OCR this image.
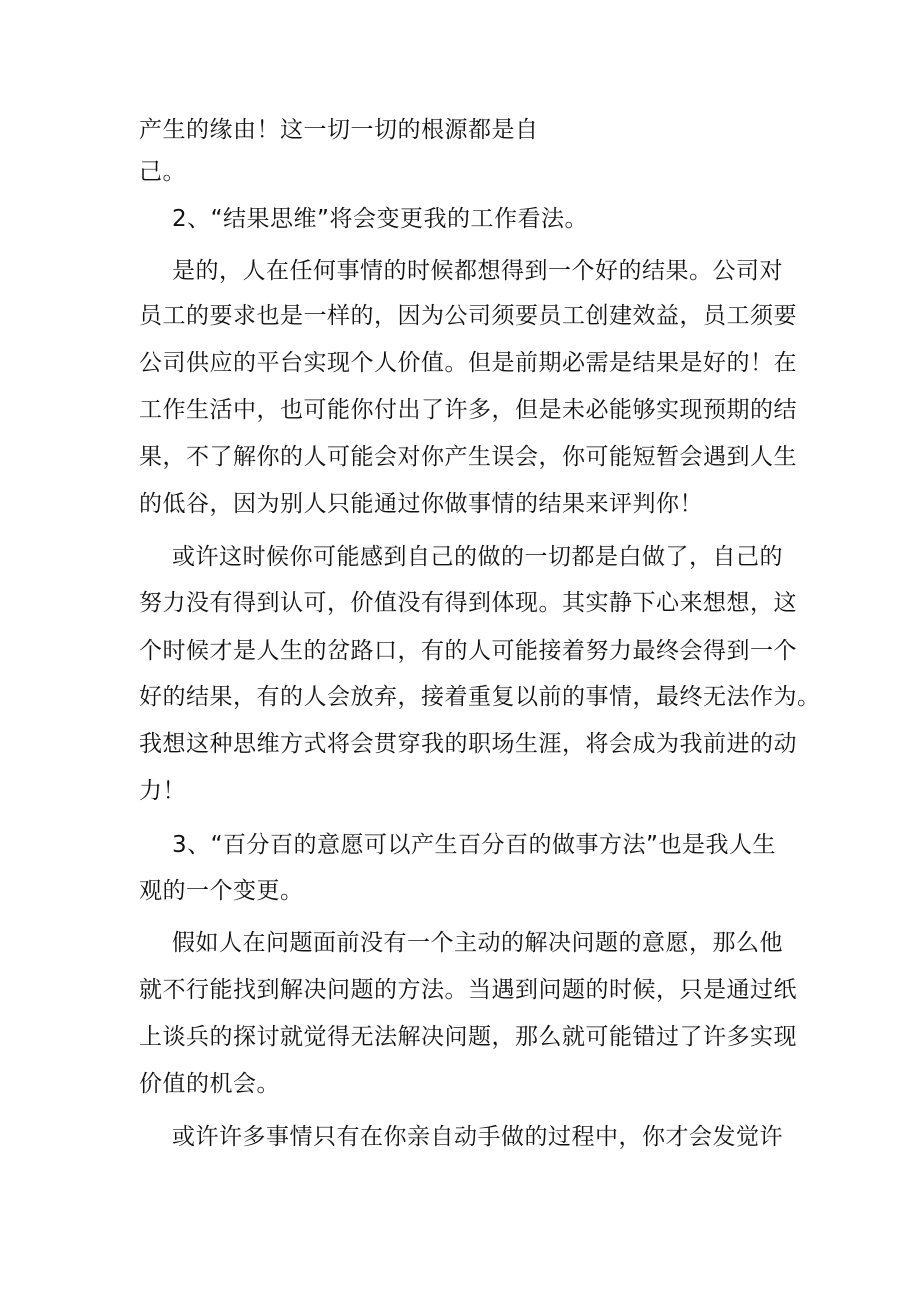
产生的缘由！这一切一切的根源都是自
己。
2、“结果思维”将会变更我的工作看法。
是的，人在任何事情的时候都想得到一个好的结果。公司对
员工的要求也是一样的，因为公司须要员工创建效益，员工须要
公司供应的平台实现个人价值。但是前期必需是结果是好的！在
工作生活中，也可能你付出了许多，但是未必能够实现预期的结
果，不了解你的人可能会对你产生误会，你可能短暂会遇到人生
的低谷，因为别人只能通过你做事情的结果来评判你！
或许这时候你可能感到自己的做的一切都是白做了，自己的
努力没有得到认可，价值没有得到体现。其实静下心来想想，这
个时候才是人生的岔路口，有的人可能接着努力最终会得到一个
好的结果，有的人会放弃，接着重复以前的事情，最终无法作为。
我想这种思维方式将会贯穿我的职场生涯，将会成为我前进的动
力！
3、“百分百的意愿可以产生百分百的做事方法”也是我人生
观的一个变更。
假如人在问题面前没有一个主动的解决问题的意愿，那么他
就不行能找到解决问题的方法。当遇到问题的时候，只是通过纸
上谈兵的探讨就觉得无法解决问题，那么就可能错过了许多实现
价值的机会。
或许许多事情只有在你亲自动手做的过程中，你才会发觉许
